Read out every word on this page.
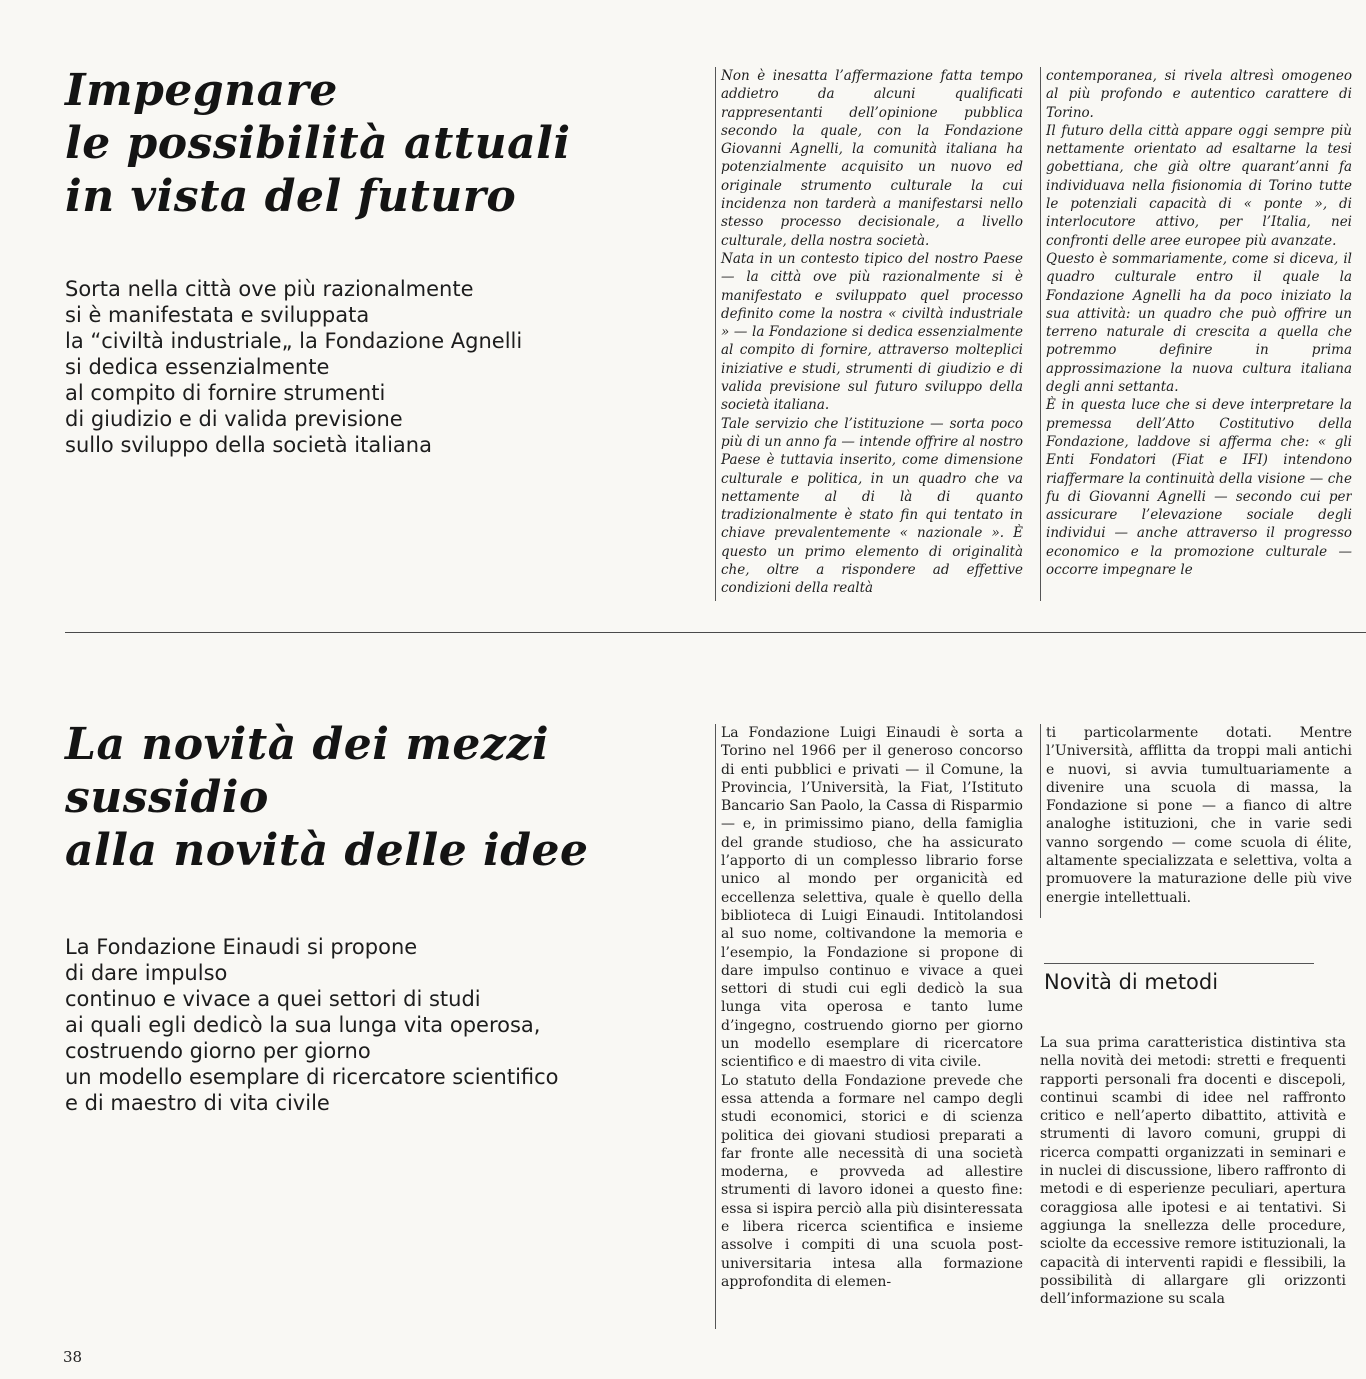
Impegnare
le possibilità attuali
in vista del futuro
Sorta nella città ove più razionalmente
si è manifestata e sviluppata
la “civiltà industriale„ la Fondazione Agnelli
si dedica essenzialmente
al compito di fornire strumenti
di giudizio e di valida previsione
sullo sviluppo della società italiana

Non è inesatta l’affermazione fatta tempo addietro da alcuni qualificati rappresentanti dell’opinione pubblica secondo la quale, con la Fondazione Giovanni Agnelli, la comunità italiana ha potenzialmente acquisito un nuovo ed originale strumento culturale la cui incidenza non tarderà a manifestarsi nello stesso processo decisionale, a livello culturale, della nostra società.

Nata in un contesto tipico del nostro Paese — la città ove più razionalmente si è manifestato e sviluppato quel processo definito come la nostra « civiltà industriale » — la Fondazione si dedica essenzialmente al compito di fornire, attraverso molteplici iniziative e studi, strumenti di giudizio e di valida previsione sul futuro sviluppo della società italiana.

Tale servizio che l’istituzione — sorta poco più di un anno fa — intende offrire al nostro Paese è tuttavia inserito, come dimensione culturale e politica, in un quadro che va nettamente al di là di quanto tradizionalmente è stato fin qui tentato in chiave prevalentemente « nazionale ». È questo un primo elemento di originalità che, oltre a rispondere ad effettive condizioni della realtà

contemporanea, si rivela altresì omogeneo al più profondo e autentico carattere di Torino.

Il futuro della città appare oggi sempre più nettamente orientato ad esaltarne la tesi gobettiana, che già oltre quarant’anni fa individuava nella fisionomia di Torino tutte le potenziali capacità di « ponte », di interlocutore attivo, per l’Italia, nei confronti delle aree europee più avanzate.

Questo è sommariamente, come si diceva, il quadro culturale entro il quale la Fondazione Agnelli ha da poco iniziato la sua attività: un quadro che può offrire un terreno naturale di crescita a quella che potremmo definire in prima approssimazione la nuova cultura italiana degli anni settanta.

È in questa luce che si deve interpretare la premessa dell’Atto Costitutivo della Fondazione, laddove si afferma che: « gli Enti Fondatori (Fiat e IFI) intendono riaffermare la continuità della visione — che fu di Giovanni Agnelli — secondo cui per assicurare l’elevazione sociale degli individui — anche attraverso il progresso economico e la promozione culturale — occorre impegnare le

La novità dei mezzi
sussidio
alla novità delle idee
La Fondazione Einaudi si propone
di dare impulso
continuo e vivace a quei settori di studi
ai quali egli dedicò la sua lunga vita operosa,
costruendo giorno per giorno
un modello esemplare di ricercatore scientifico
e di maestro di vita civile

La Fondazione Luigi Einaudi è sorta a Torino nel 1966 per il generoso concorso di enti pubblici e privati — il Comune, la Provincia, l’Università, la Fiat, l’Istituto Bancario San Paolo, la Cassa di Risparmio — e, in primissimo piano, della famiglia del grande studioso, che ha assicurato l’apporto di un complesso librario forse unico al mondo per organicità ed eccellenza selettiva, quale è quello della biblioteca di Luigi Einaudi. Intitolandosi al suo nome, coltivandone la memoria e l’esempio, la Fondazione si propone di dare impulso continuo e vivace a quei settori di studi cui egli dedicò la sua lunga vita operosa e tanto lume d’ingegno, costruendo giorno per giorno un modello esemplare di ricercatore scientifico e di maestro di vita civile.

Lo statuto della Fondazione prevede che essa attenda a formare nel campo degli studi economici, storici e di scienza politica dei giovani studiosi preparati a far fronte alle necessità di una società moderna, e provveda ad allestire strumenti di lavoro idonei a questo fine: essa si ispira perciò alla più disinteressata e libera ricerca scientifica e insieme assolve i compiti di una scuola post-universitaria intesa alla formazione approfondita di elemen-

ti particolarmente dotati. Mentre l’Università, afflitta da troppi mali antichi e nuovi, si avvia tumultuariamente a divenire una scuola di massa, la Fondazione si pone — a fianco di altre analoghe istituzioni, che in varie sedi vanno sorgendo — come scuola di élite, altamente specializzata e selettiva, volta a promuovere la maturazione delle più vive energie intellettuali.

Novità di metodi

La sua prima caratteristica distintiva sta nella novità dei metodi: stretti e frequenti rapporti personali fra docenti e discepoli, continui scambi di idee nel raffronto critico e nell’aperto dibattito, attività e strumenti di lavoro comuni, gruppi di ricerca compatti organizzati in seminari e in nuclei di discussione, libero raffronto di metodi e di esperienze peculiari, apertura coraggiosa alle ipotesi e ai tentativi. Si aggiunga la snellezza delle procedure, sciolte da eccessive remore istituzionali, la capacità di interventi rapidi e flessibili, la possibilità di allargare gli orizzonti dell’informazione su scala

38
